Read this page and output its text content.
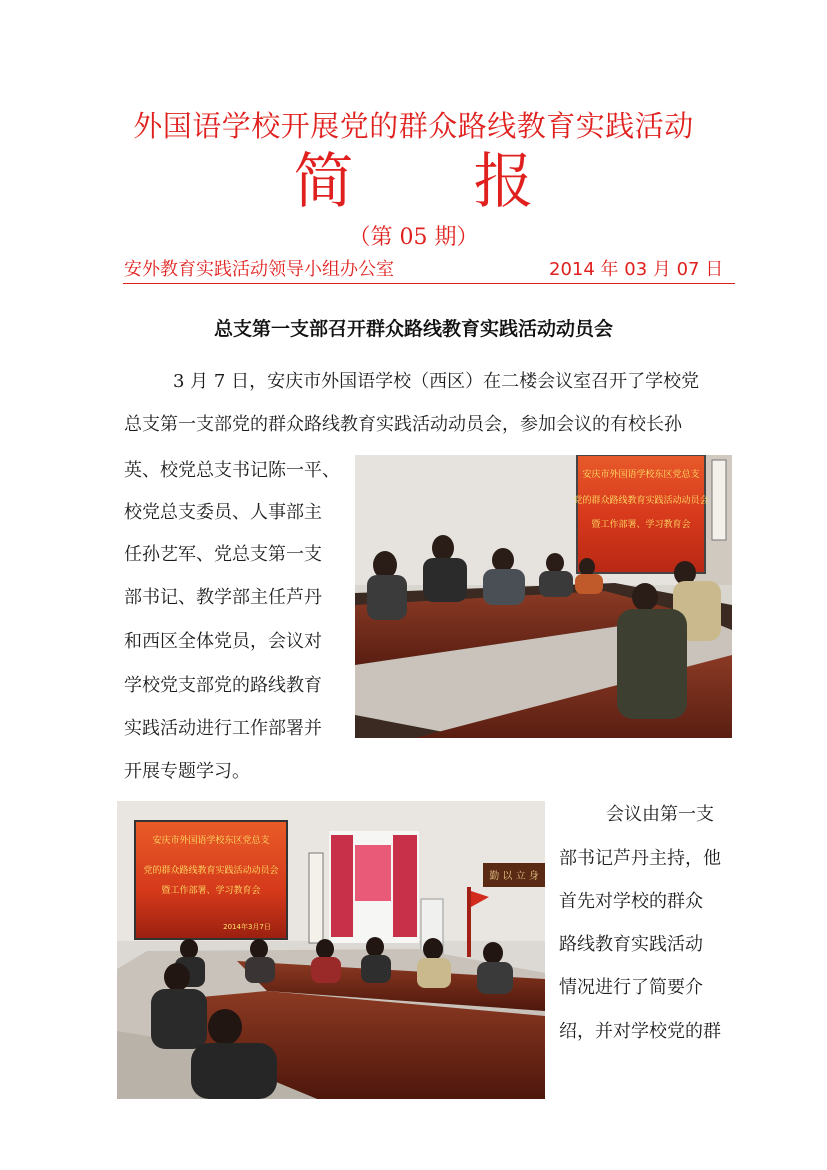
外国语学校开展党的群众路线教育实践活动
简 报
（第 05 期）
安外教育实践活动领导小组办公室	2014 年 03 月 07 日
总支第一支部召开群众路线教育实践活动动员会
3 月 7 日，安庆市外国语学校（西区）在二楼会议室召开了学校党
总支第一支部党的群众路线教育实践活动动员会，参加会议的有校长孙
英、校党总支书记陈一平、
校党总支委员、人事部主
任孙艺军、党总支第一支
部书记、教学部主任芦丹
和西区全体党员，会议对
学校党支部党的路线教育
实践活动进行工作部署并
开展专题学习。
会议由第一支
部书记芦丹主持，他
首先对学校的群众
路线教育实践活动
情况进行了简要介
绍，并对学校党的群
安庆市外国语学校东区党总支
党的群众路线教育实践活动动员会
暨工作部署、学习教育会
安庆市外国语学校东区党总支
党的群众路线教育实践活动动员会
暨工作部署、学习教育会
2014年3月7日
勤 以 立 身
